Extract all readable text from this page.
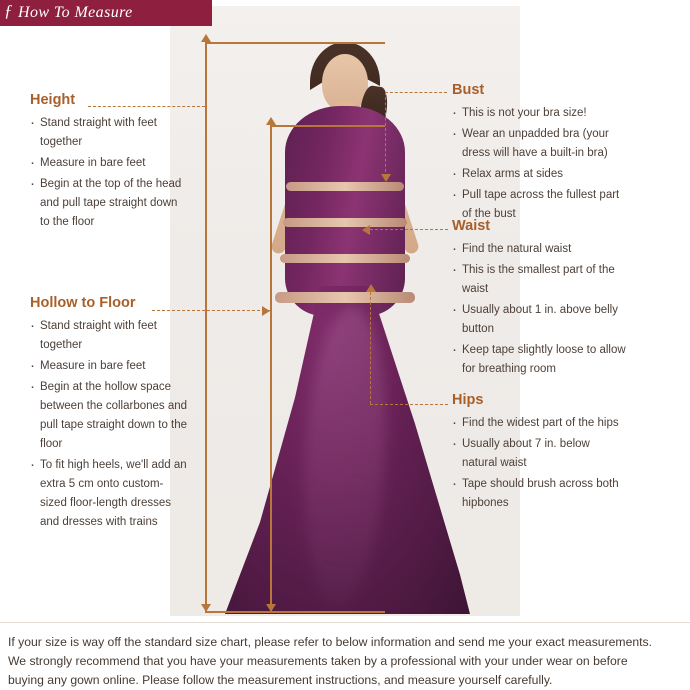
ƒ How To Measure
Height
· Stand straight with feet together
· Measure in bare feet
· Begin at the top of the head and pull tape straight down to the floor
Hollow to Floor
· Stand straight with feet together
· Measure in bare feet
· Begin at the hollow space between the collarbones and pull tape straight down to the floor
· To fit high heels, we'll add an extra 5 cm onto custom-sized floor-length dresses and dresses with trains
Bust
· This is not your bra size!
· Wear an unpadded bra (your dress will have a built-in bra)
· Relax arms at sides
· Pull tape across the fullest part of the bust
Waist
· Find the natural waist
· This is the smallest part of the waist
· Usually about 1 in. above belly button
· Keep tape slightly loose to allow for breathing room
Hips
· Find the widest part of the hips
· Usually about 7 in. below natural waist
· Tape should brush across both hipbones

If your size is way off the standard size chart, please refer to below information and send me your exact measurements.

We strongly recommend that you have your measurements taken by a professional with your under wear on before

buying any gown online. Please follow the measurement instructions, and measure yourself carefully.
